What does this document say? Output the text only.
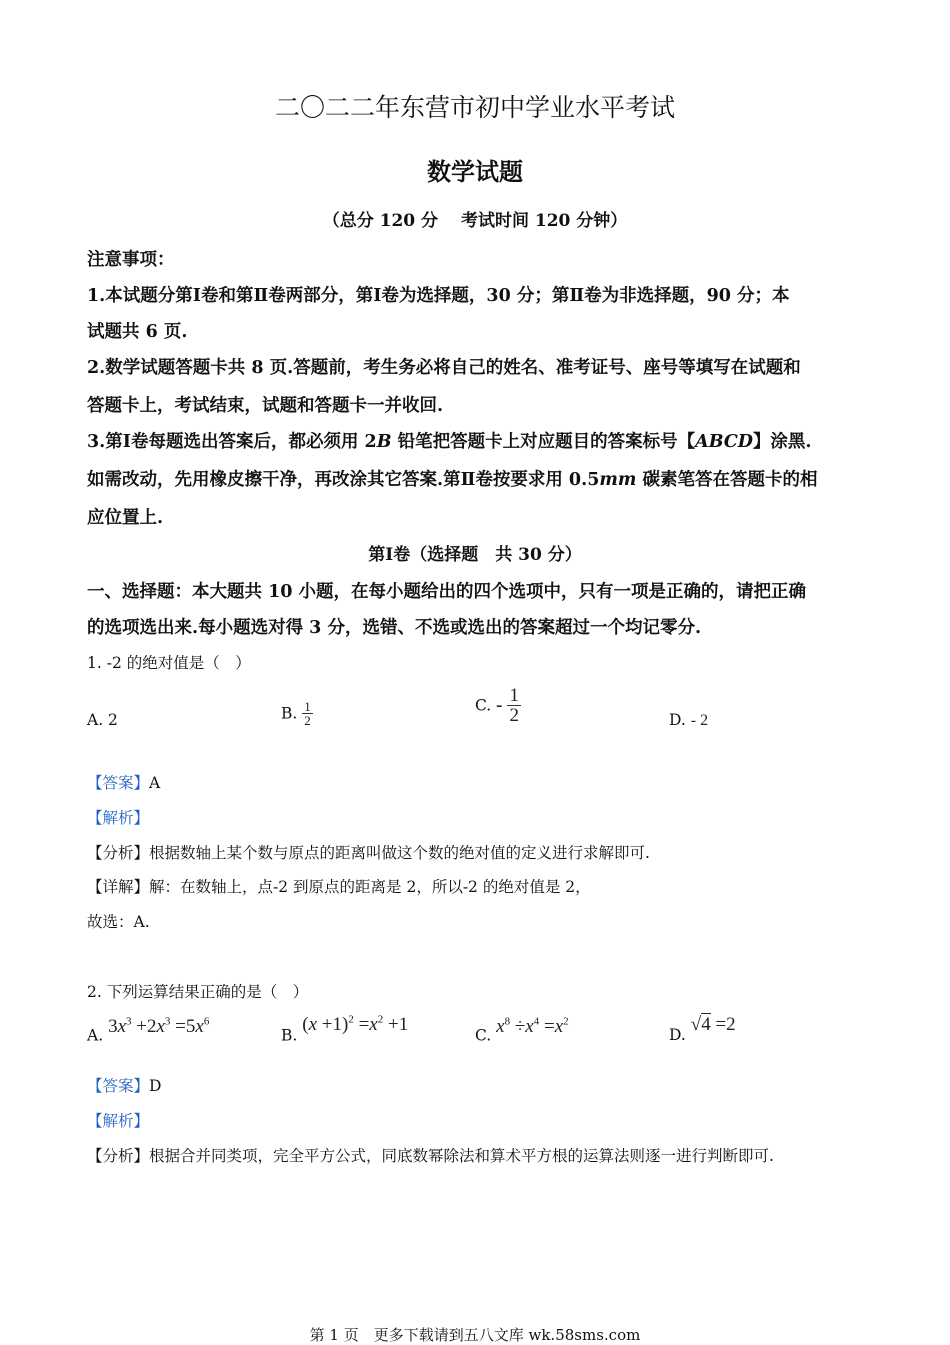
二〇二二年东营市初中学业水平考试
数学试题
（总分 120 分　 考试时间 120 分钟）
注意事项：
1.本试题分第Ⅰ卷和第Ⅱ卷两部分，第Ⅰ卷为选择题，30 分；第Ⅱ卷为非选择题，90 分；本
试题共 6 页.
2.数学试题答题卡共 8 页.答题前，考生务必将自己的姓名、准考证号、座号等填写在试题和
答题卡上，考试结束，试题和答题卡一并收回.
3.第Ⅰ卷每题选出答案后，都必须用 2B 铅笔把答题卡上对应题目的答案标号【ABCD】涂黑.
如需改动，先用橡皮擦干净，再改涂其它答案.第Ⅱ卷按要求用 0.5mm 碳素笔答在答题卡的相
应位置上.
第Ⅰ卷（选择题　共 30 分）
一、选择题：本大题共 10 小题，在每小题给出的四个选项中，只有一项是正确的，请把正确
的选项选出来.每小题选对得 3 分，选错、不选或选出的答案超过一个均记零分.
1. -2 的绝对值是（　）
A. 2	B. $\frac{1}{2}$	C. - $\frac{1}{2}$	D. - 2
【答案】A
【解析】
【分析】根据数轴上某个数与原点的距离叫做这个数的绝对值的定义进行求解即可.
【详解】解：在数轴上，点-2 到原点的距离是 2，所以-2 的绝对值是 2，
故选：A.
2. 下列运算结果正确的是（　）
A. $3x^3 +2x^3 =5x^6$
B. $(x +1)^2 =x^2 +1$	C. $x^8 \div x^4 =x^2$
D. √4 =2
【答案】D
【解析】
【分析】根据合并同类项，完全平方公式，同底数幂除法和算术平方根的运算法则逐一进行判断即可.
第 1 页　更多下载请到五八文库 wk.58sms.com
